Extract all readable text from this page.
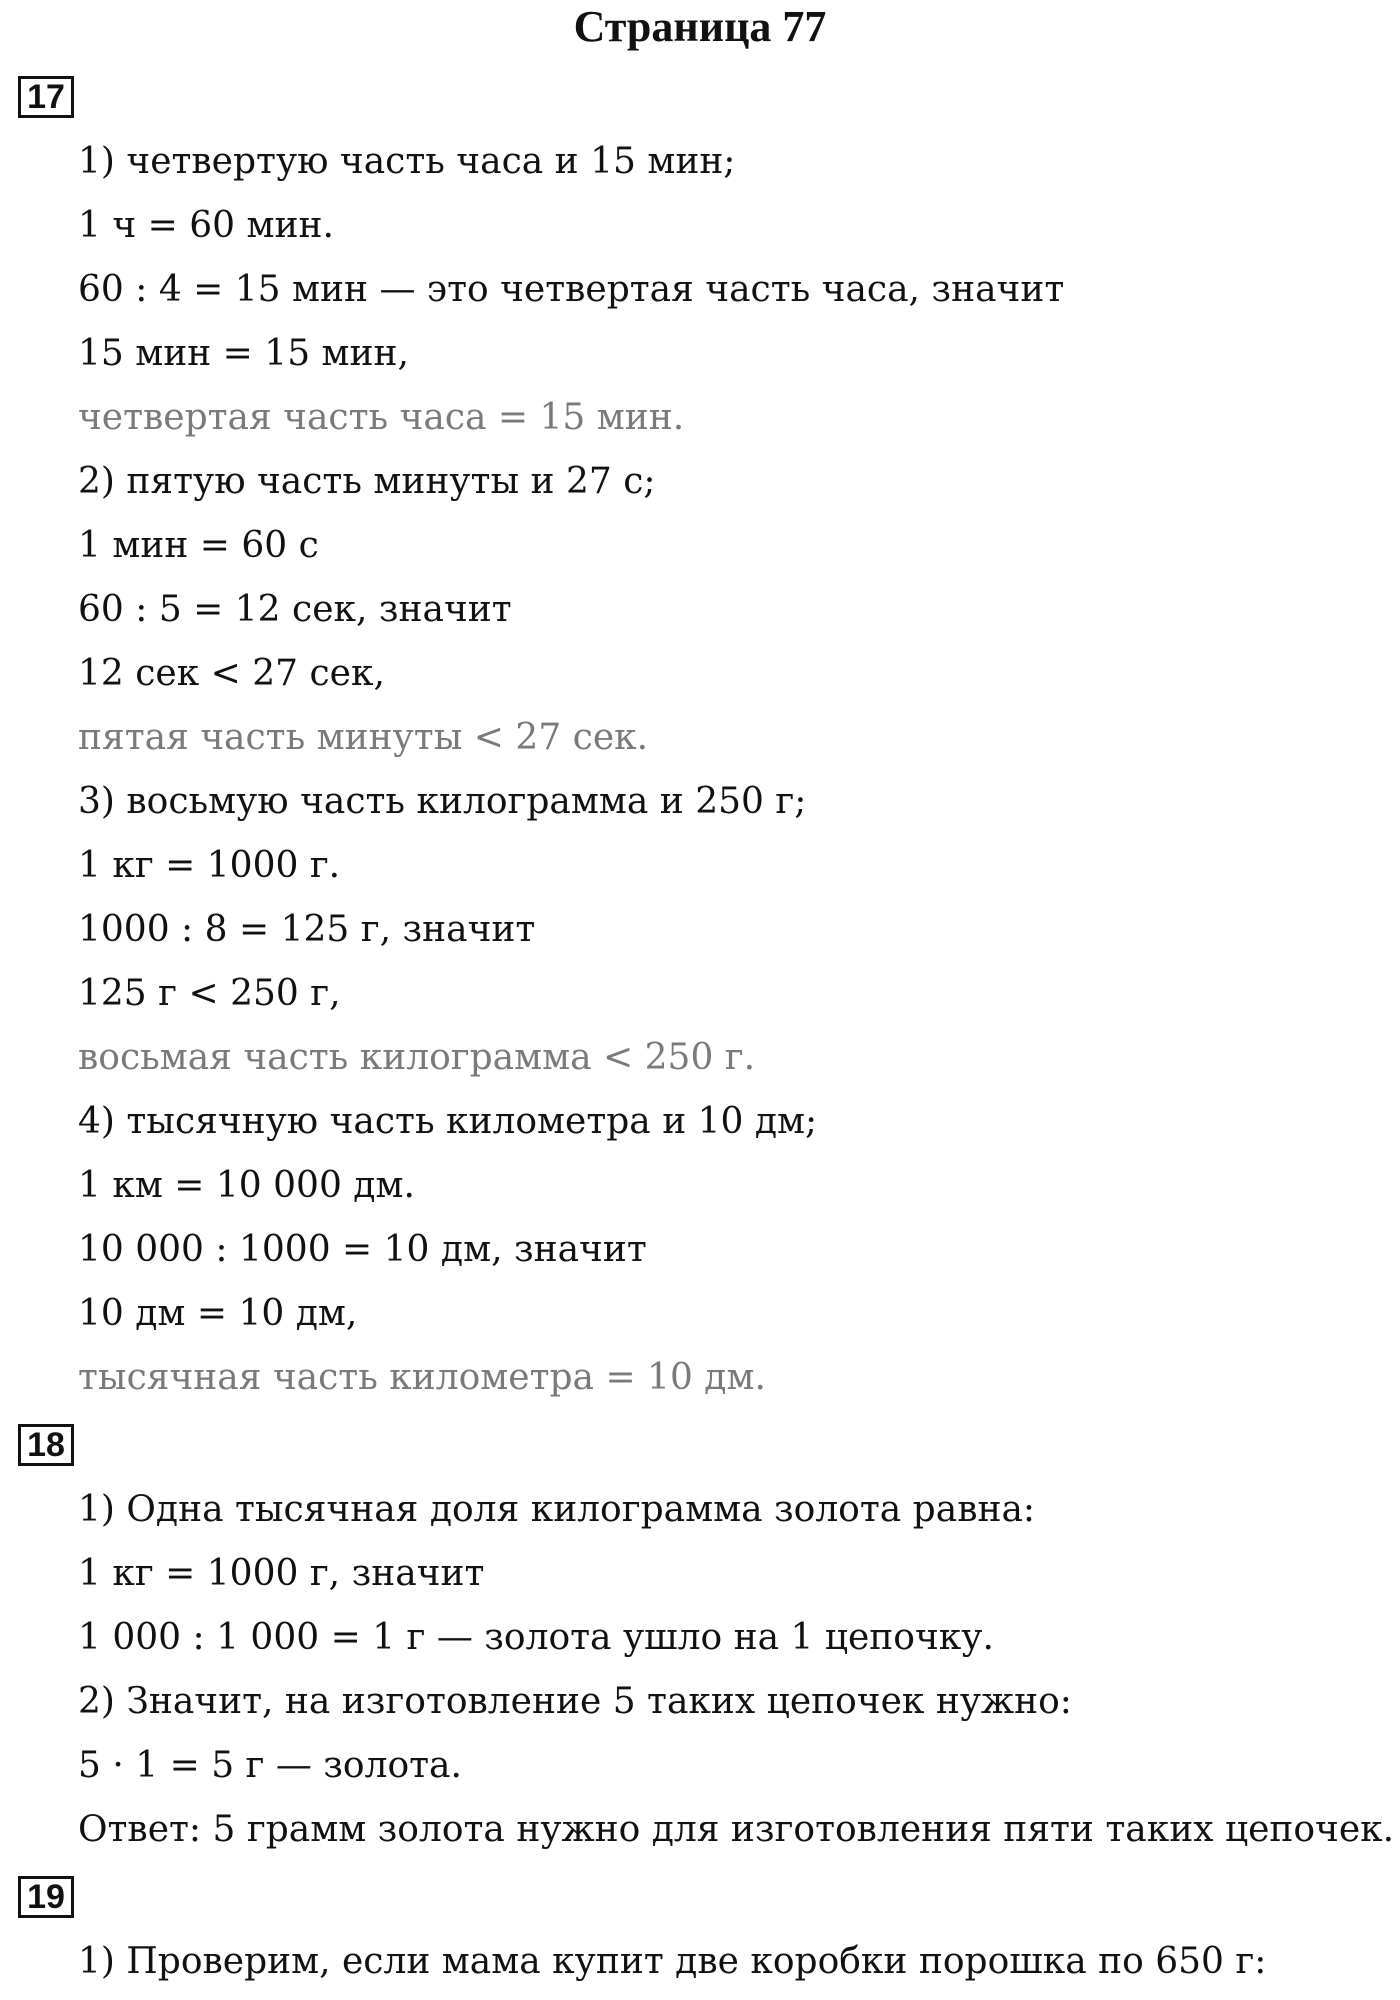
Страница 77
17
1) четвертую часть часа и 15 мин;
1 ч = 60 мин.
60 : 4 = 15 мин — это четвертая часть часа, значит
15 мин = 15 мин,
четвертая часть часа = 15 мин.
2) пятую часть минуты и 27 с;
1 мин = 60 с
60 : 5 = 12 сек, значит
12 сек < 27 сек,
пятая часть минуты < 27 сек.
3) восьмую часть килограмма и 250 г;
1 кг = 1000 г.
1000 : 8 = 125 г, значит
125 г < 250 г,
восьмая часть килограмма < 250 г.
4) тысячную часть километра и 10 дм;
1 км = 10 000 дм.
10 000 : 1000 = 10 дм, значит
10 дм = 10 дм,
тысячная часть километра = 10 дм.
18
1) Одна тысячная доля килограмма золота равна:
1 кг = 1000 г, значит
1 000 : 1 000 = 1 г — золота ушло на 1 цепочку.
2) Значит, на изготовление 5 таких цепочек нужно:
5 · 1 = 5 г — золота.
Ответ: 5 грамм золота нужно для изготовления пяти таких цепочек.
19
1) Проверим, если мама купит две коробки порошка по 650 г:
